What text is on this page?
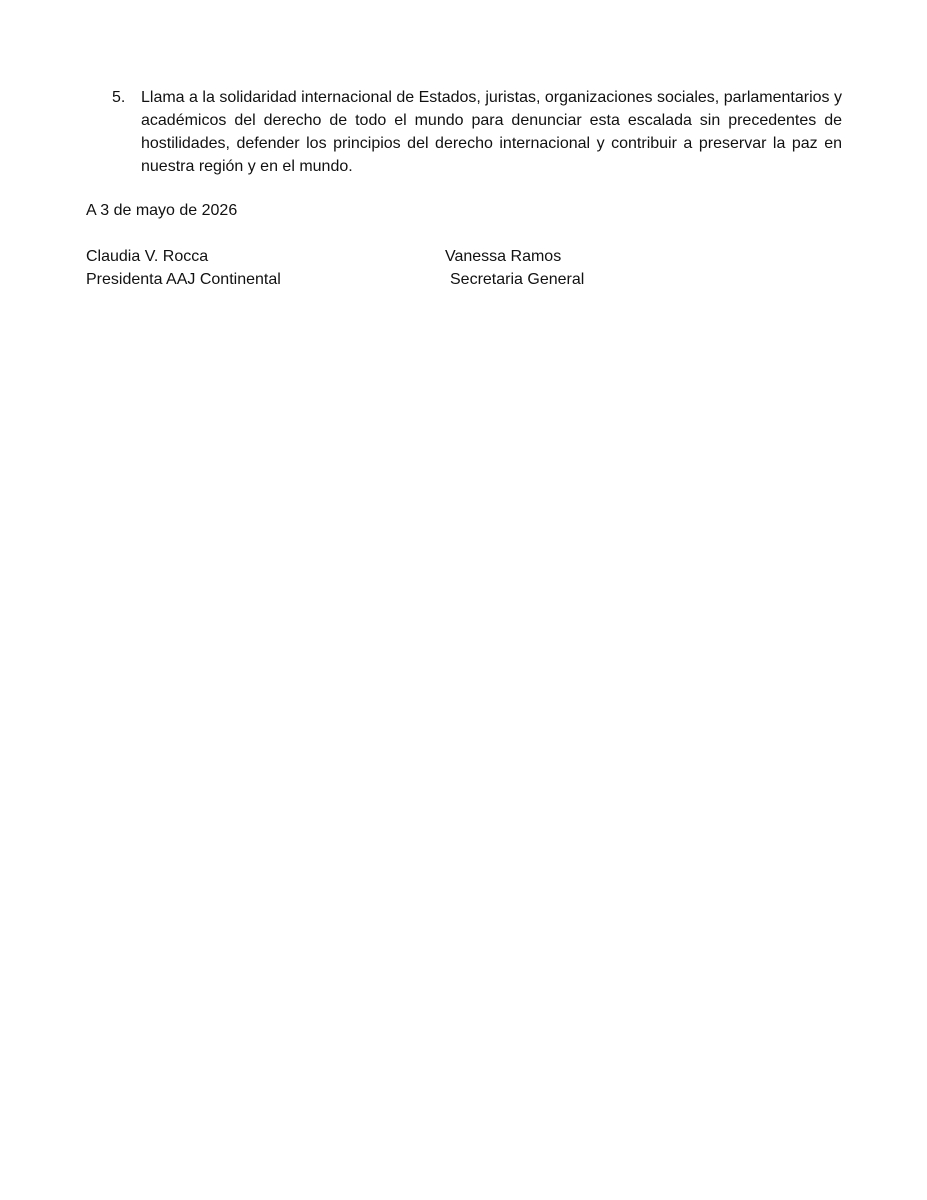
5. Llama a la solidaridad internacional de Estados, juristas, organizaciones sociales, parlamentarios y académicos del derecho de todo el mundo para denunciar esta escalada sin precedentes de hostilidades, defender los principios del derecho internacional y contribuir a preservar la paz en nuestra región y en el mundo.
A 3 de mayo de 2026
Claudia V. Rocca
Presidenta AAJ Continental
Vanessa Ramos
Secretaria General
